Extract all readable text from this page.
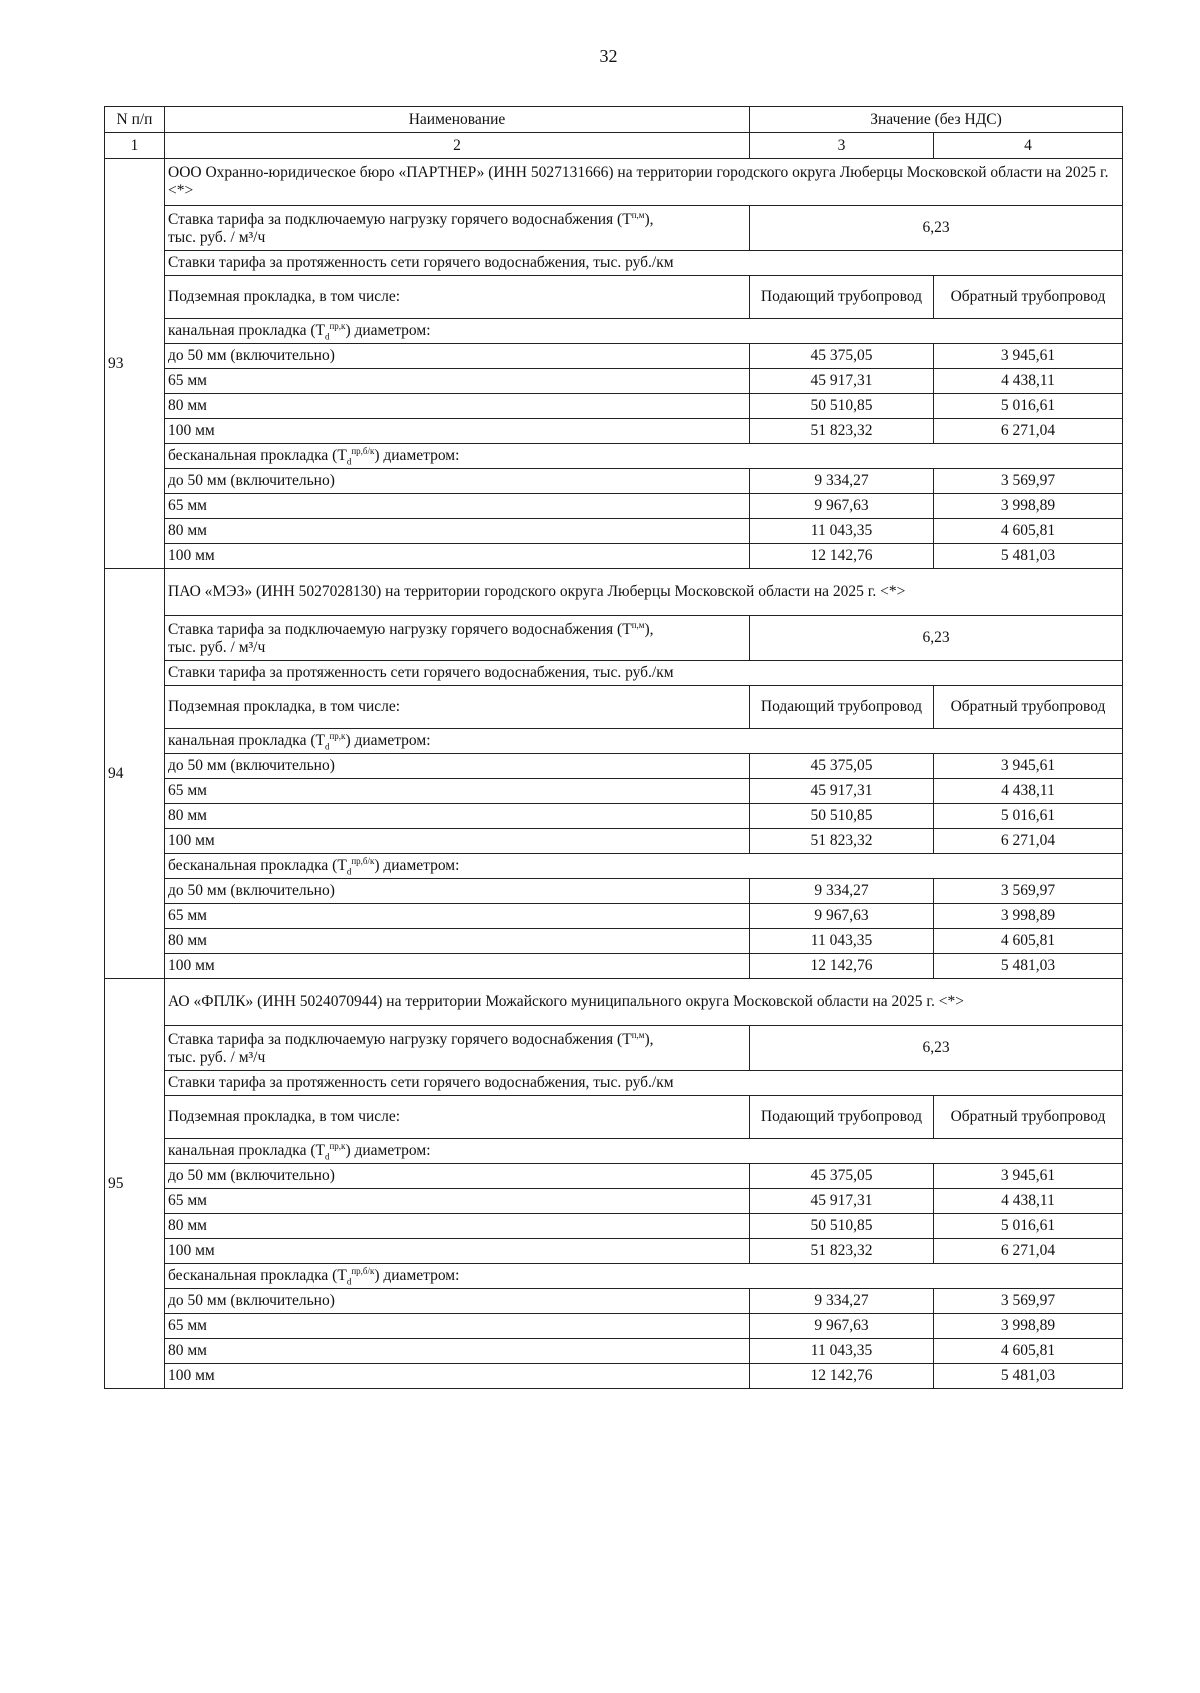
32
N п/п	Наименование	Значение (без НДС)	
1	2	3	4
93	ООО Охранно-юридическое бюро «ПАРТНЕР» (ИНН 5027131666) на территории городского округа Люберцы Московской области на 2025 г. <*>		
	Ставка тарифа за подключаемую нагрузку горячего водоснабжения $(Т^{п,м})$,
тыс. руб. / м³/ч	6,23	
	Ставки тарифа за протяженность сети горячего водоснабжения, тыс. руб./км		
	Подземная прокладка, в том числе:	Подающий трубопровод	Обратный трубопровод
	канальная прокладка $(Т_d^{пр,к})$ диаметром:		
	до 50 мм (включительно)	45 375,05	3 945,61
	65 мм	45 917,31	4 438,11
	80 мм	50 510,85	5 016,61
	100 мм	51 823,32	6 271,04
	бесканальная прокладка $(Т_d^{пр,б/к})$ диаметром:		
	до 50 мм (включительно)	9 334,27	3 569,97
	65 мм	9 967,63	3 998,89
	80 мм	11 043,35	4 605,81
	100 мм	12 142,76	5 481,03
94	ПАО «МЭЗ» (ИНН 5027028130) на территории городского округа Люберцы Московской области на 2025 г. <*>		
	Ставка тарифа за подключаемую нагрузку горячего водоснабжения $(Т^{п,м})$,
тыс. руб. / м³/ч	6,23	
	Ставки тарифа за протяженность сети горячего водоснабжения, тыс. руб./км		
	Подземная прокладка, в том числе:	Подающий трубопровод	Обратный трубопровод
	канальная прокладка $(Т_d^{пр,к})$ диаметром:		
	до 50 мм (включительно)	45 375,05	3 945,61
	65 мм	45 917,31	4 438,11
	80 мм	50 510,85	5 016,61
	100 мм	51 823,32	6 271,04
	бесканальная прокладка $(Т_d^{пр,б/к})$ диаметром:		
	до 50 мм (включительно)	9 334,27	3 569,97
	65 мм	9 967,63	3 998,89
	80 мм	11 043,35	4 605,81
	100 мм	12 142,76	5 481,03
95	АО «ФПЛК» (ИНН 5024070944) на территории Можайского муниципального округа Московской области на 2025 г. <*>		
	Ставка тарифа за подключаемую нагрузку горячего водоснабжения $(Т^{п,м})$,
тыс. руб. / м³/ч	6,23	
	Ставки тарифа за протяженность сети горячего водоснабжения, тыс. руб./км		
	Подземная прокладка, в том числе:	Подающий трубопровод	Обратный трубопровод
	канальная прокладка $(Т_d^{пр,к})$ диаметром:		
	до 50 мм (включительно)	45 375,05	3 945,61
	65 мм	45 917,31	4 438,11
	80 мм	50 510,85	5 016,61
	100 мм	51 823,32	6 271,04
	бесканальная прокладка $(Т_d^{пр,б/к})$ диаметром:		
	до 50 мм (включительно)	9 334,27	3 569,97
	65 мм	9 967,63	3 998,89
	80 мм	11 043,35	4 605,81
	100 мм	12 142,76	5 481,03
